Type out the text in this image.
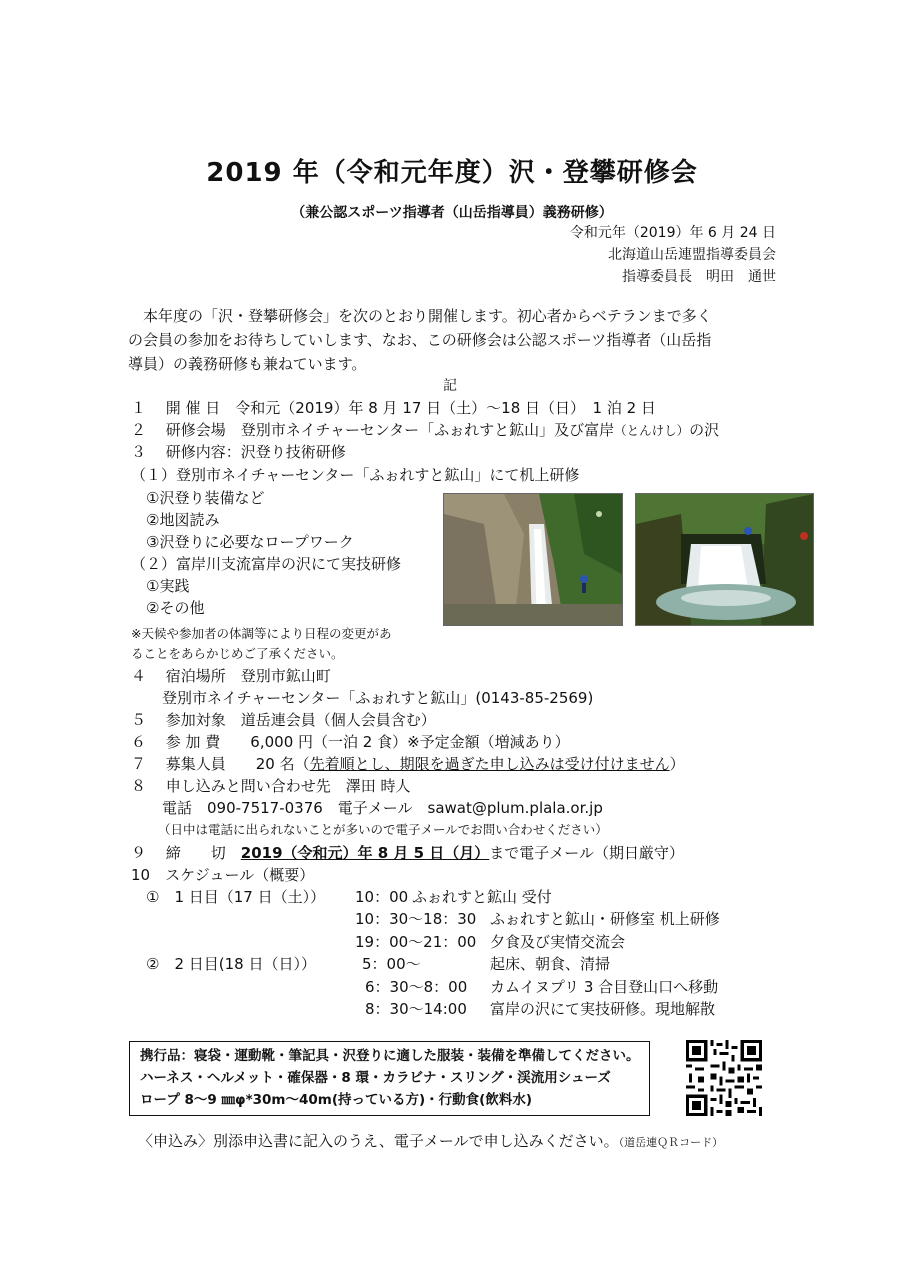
2019 年（令和元年度）沢・登攀研修会
（兼公認スポーツ指導者（山岳指導員）義務研修）
令和元年（2019）年 6 月 24 日
北海道山岳連盟指導委員会
指導委員長　明田　通世
　本年度の「沢・登攀研修会」を次のとおり開催します。初心者からベテランまで多く
の会員の参加をお待ちしていします、なお、この研修会は公認スポーツ指導者（山岳指
導員）の義務研修も兼ねています。
記
１　 開 催 日　令和元（2019）年 8 月 17 日（土）～18 日（日）　1 泊 2 日
２　 研修会場　登別市ネイチャーセンター「ふぉれすと鉱山」及び富岸（とんけし）の沢
３　 研修内容：沢登り技術研修
（１）登別市ネイチャーセンター「ふぉれすと鉱山」にて机上研修
①沢登り装備など
②地図読み
③沢登りに必要なロープワーク
（２）富岸川支流富岸の沢にて実技研修
①実践
②その他
※天候や参加者の体調等により日程の変更があ
ることをあらかじめご了承ください。
４　 宿泊場所　登別市鉱山町
登別市ネイチャーセンター「ふぉれすと鉱山」(0143-85-2569)
５　 参加対象　道岳連会員（個人会員含む）
６　 参 加 費　　6,000 円（一泊 2 食）※予定金額（増減あり）
７　 募集人員　　20 名（先着順とし、期限を過ぎた申し込みは受け付けません）
８　 申し込みと問い合わせ先　澤田 時人
電話　090-7517-0376　電子メール　sawat@plum.plala.or.jp
（日中は電話に出られないことが多いので電子メールでお問い合わせください）
９　 締　　切　2019（令和元）年 8 月 5 日（月）まで電子メール（期日厳守）
10　スケジュール（概要）
①　1 日目（17 日（土）） 10：00 ふぉれすと鉱山 受付
10：30～18：30 ふぉれすと鉱山・研修室 机上研修
19：00～21：00 夕食及び実情交流会
②　2 日目(18 日（日））	5：00～	起床、朝食、清掃
6：30～8：00 カムイヌプリ 3 合目登山口へ移動
8：30～14:00 富岸の沢にて実技研修。現地解散
携行品：寝袋・運動靴・筆記具・沢登りに適した服装・装備を準備してください。
ハーネス・ヘルメット・確保器・8 環・カラビナ・スリング・渓流用シューズ
ロープ 8～9 ㎜φ*30m～40m(持っている方)・行動食(飲料水)
〈申込み〉別添申込書に記入のうえ、電子メールで申し込みください。（道岳連ＱＲコード）
